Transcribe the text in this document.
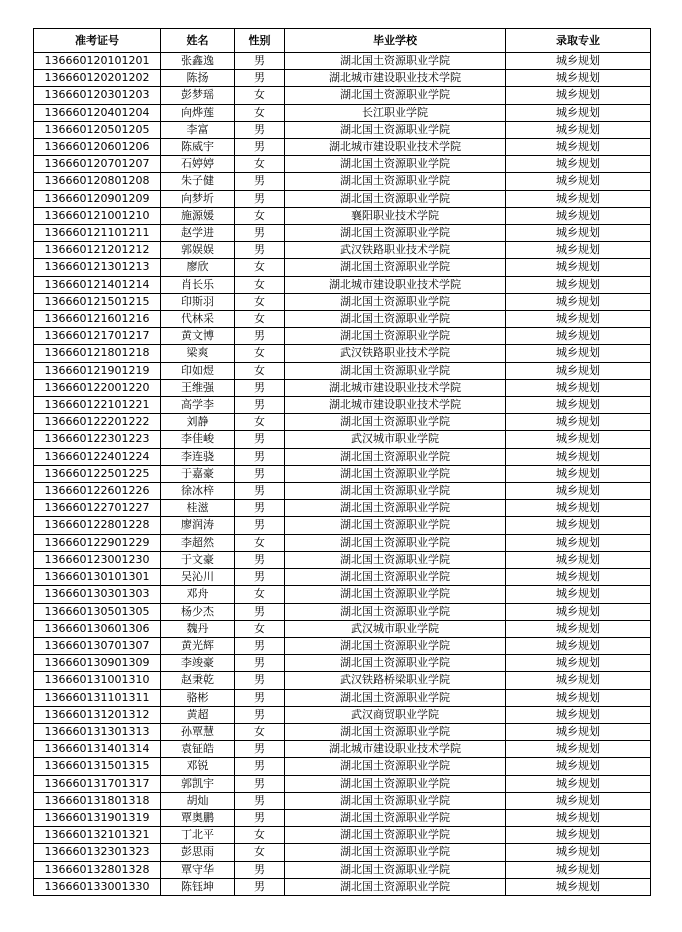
准考证号	姓名	性别	毕业学校	录取专业
136660120101201	张鑫逸	男	湖北国土资源职业学院	城乡规划
136660120201202	陈扬	男	湖北城市建设职业技术学院	城乡规划
136660120301203	彭梦瑶	女	湖北国土资源职业学院	城乡规划
136660120401204	向烨莲	女	长江职业学院	城乡规划
136660120501205	李富	男	湖北国土资源职业学院	城乡规划
136660120601206	陈威宇	男	湖北城市建设职业技术学院	城乡规划
136660120701207	石婷婷	女	湖北国土资源职业学院	城乡规划
136660120801208	朱子健	男	湖北国土资源职业学院	城乡规划
136660120901209	向梦圻	男	湖北国土资源职业学院	城乡规划
136660121001210	施源媛	女	襄阳职业技术学院	城乡规划
136660121101211	赵学进	男	湖北国土资源职业学院	城乡规划
136660121201212	郭娱娱	男	武汉铁路职业技术学院	城乡规划
136660121301213	廖欣	女	湖北国土资源职业学院	城乡规划
136660121401214	肖长乐	女	湖北城市建设职业技术学院	城乡规划
136660121501215	印斯羽	女	湖北国土资源职业学院	城乡规划
136660121601216	代林采	女	湖北国土资源职业学院	城乡规划
136660121701217	黄文博	男	湖北国土资源职业学院	城乡规划
136660121801218	梁爽	女	武汉铁路职业技术学院	城乡规划
136660121901219	印如煜	女	湖北国土资源职业学院	城乡规划
136660122001220	王维强	男	湖北城市建设职业技术学院	城乡规划
136660122101221	高学李	男	湖北城市建设职业技术学院	城乡规划
136660122201222	刘静	女	湖北国土资源职业学院	城乡规划
136660122301223	李佳峻	男	武汉城市职业学院	城乡规划
136660122401224	李连骁	男	湖北国土资源职业学院	城乡规划
136660122501225	于嘉豪	男	湖北国土资源职业学院	城乡规划
136660122601226	徐冰梓	男	湖北国土资源职业学院	城乡规划
136660122701227	桂滋	男	湖北国土资源职业学院	城乡规划
136660122801228	廖润涛	男	湖北国土资源职业学院	城乡规划
136660122901229	李超然	女	湖北国土资源职业学院	城乡规划
136660123001230	于文豪	男	湖北国土资源职业学院	城乡规划
136660130101301	吴沁川	男	湖北国土资源职业学院	城乡规划
136660130301303	邓舟	女	湖北国土资源职业学院	城乡规划
136660130501305	杨少杰	男	湖北国土资源职业学院	城乡规划
136660130601306	魏丹	女	武汉城市职业学院	城乡规划
136660130701307	黄光辉	男	湖北国土资源职业学院	城乡规划
136660130901309	李竣豪	男	湖北国土资源职业学院	城乡规划
136660131001310	赵秉乾	男	武汉铁路桥梁职业学院	城乡规划
136660131101311	骆彬	男	湖北国土资源职业学院	城乡规划
136660131201312	黄超	男	武汉商贸职业学院	城乡规划
136660131301313	孙覃慧	女	湖北国土资源职业学院	城乡规划
136660131401314	袁钲皓	男	湖北城市建设职业技术学院	城乡规划
136660131501315	邓锐	男	湖北国土资源职业学院	城乡规划
136660131701317	郭凯宇	男	湖北国土资源职业学院	城乡规划
136660131801318	胡灿	男	湖北国土资源职业学院	城乡规划
136660131901319	覃奥鹏	男	湖北国土资源职业学院	城乡规划
136660132101321	丁北平	女	湖北国土资源职业学院	城乡规划
136660132301323	彭思雨	女	湖北国土资源职业学院	城乡规划
136660132801328	覃守华	男	湖北国土资源职业学院	城乡规划
136660133001330	陈钰坤	男	湖北国土资源职业学院	城乡规划
